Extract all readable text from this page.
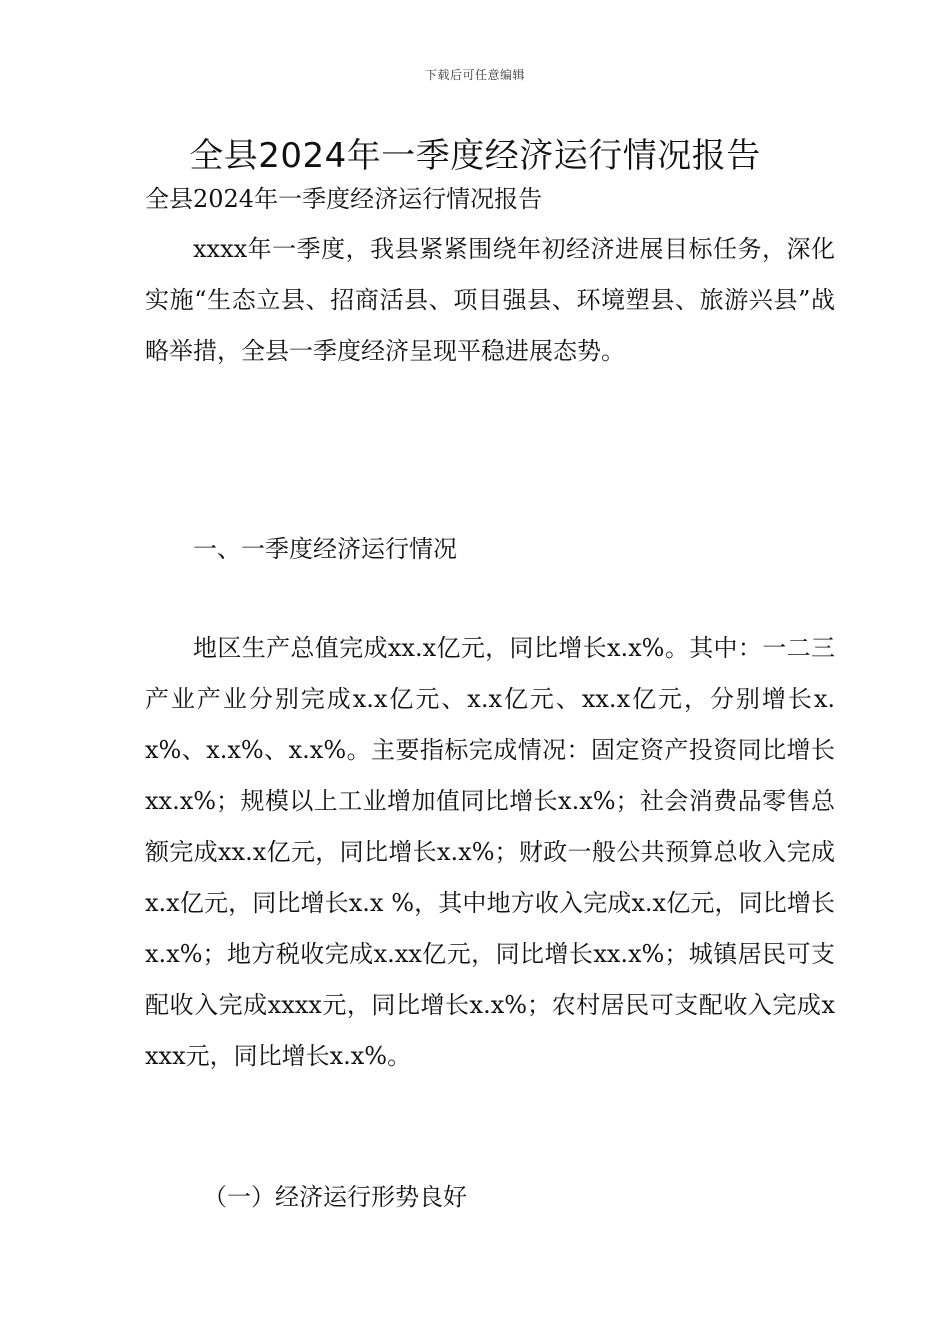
下载后可任意编辑
全县2024年一季度经济运行情况报告
全县2024年一季度经济运行情况报告

xxxx年一季度，我县紧紧围绕年初经济进展目标任务，深化实施“生态立县、招商活县、项目强县、环境塑县、旅游兴县”战略举措，全县一季度经济呈现平稳进展态势。

一、一季度经济运行情况

地区生产总值完成xx.x亿元，同比增长x.x%。其中：一二三产业产业分别完成x.x亿元、x.x亿元、xx.x亿元，分别增长x.x%、x.x%、x.x%。主要指标完成情况：固定资产投资同比增长xx.x%；规模以上工业增加值同比增长x.x%；社会消费品零售总额完成xx.x亿元，同比增长x.x%；财政一般公共预算总收入完成x.x亿元，同比增长x.x %，其中地方收入完成x.x亿元，同比增长x.x%；地方税收完成x.xx亿元，同比增长xx.x%；城镇居民可支配收入完成xxxx元，同比增长x.x%；农村居民可支配收入完成xxxx元，同比增长x.x%。

（一）经济运行形势良好
